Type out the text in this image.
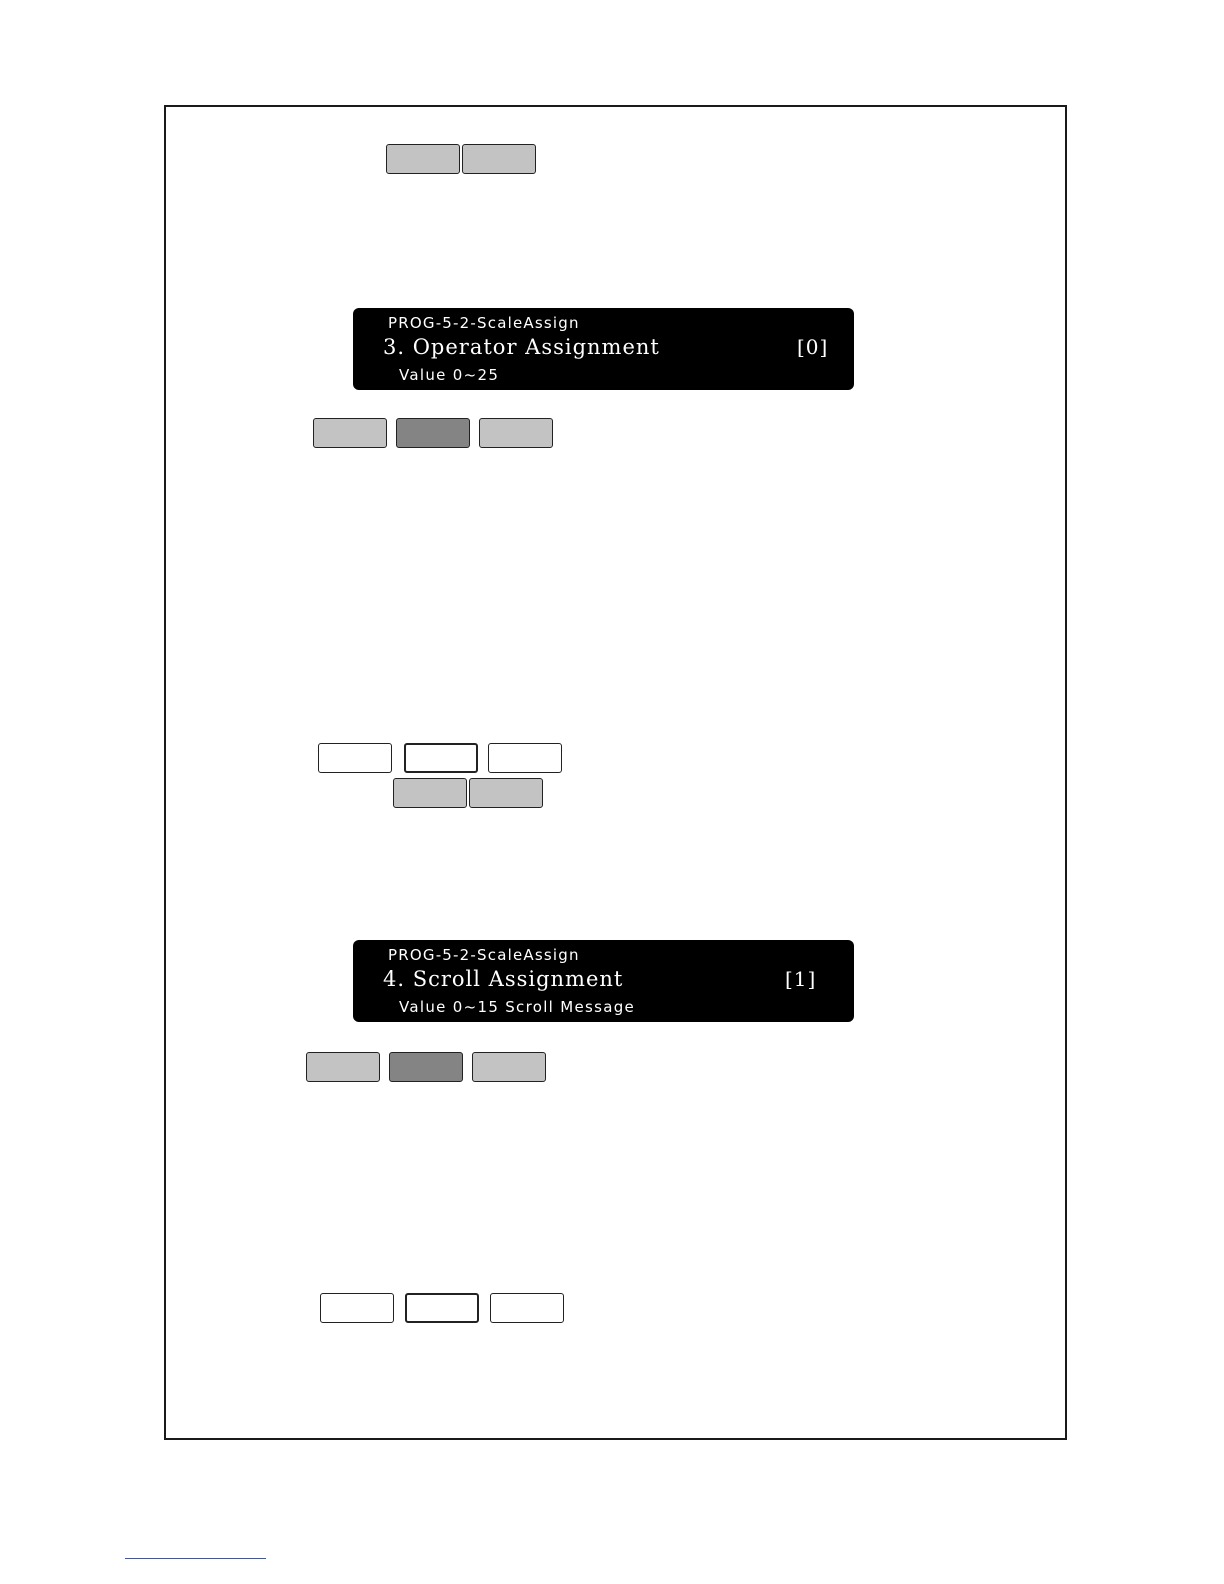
PROG-5-2-ScaleAssign
3. Operator Assignment	[0]
Value 0~25
PROG-5-2-ScaleAssign
4. Scroll Assignment	[1]
Value 0~15 Scroll Message
